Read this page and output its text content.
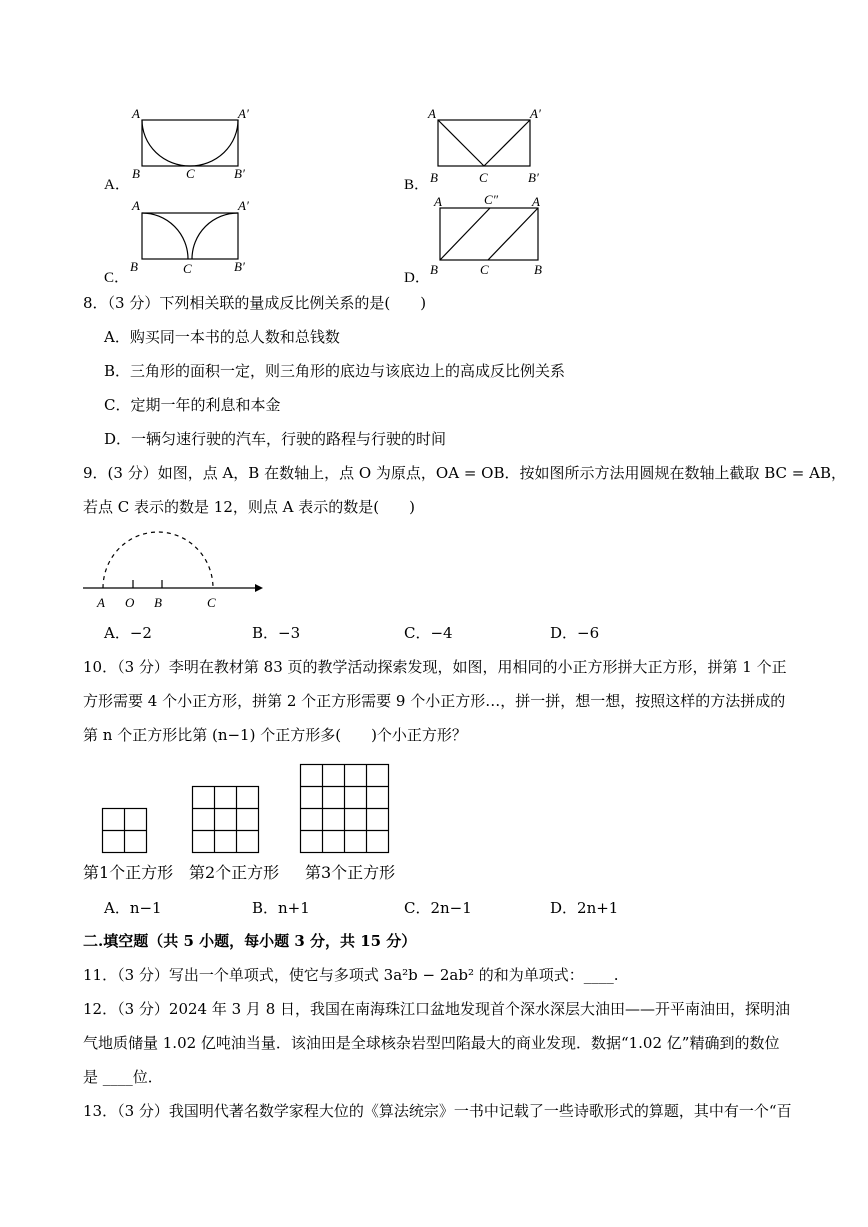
A．
A	A′
B	C	B′
B．
A	A′
B	C	B′
C．
A	A′
B	C	B′
D．
A	C″	A
B	C	B
8．（3 分）下列相关联的量成反比例关系的是(　　)
A．购买同一本书的总人数和总钱数
B．三角形的面积一定，则三角形的底边与该底边上的高成反比例关系
C．定期一年的利息和本金
D．一辆匀速行驶的汽车，行驶的路程与行驶的时间
9．(3 分）如图，点 A，B 在数轴上，点 O 为原点，OA = OB．按如图所示方法用圆规在数轴上截取 BC = AB，
若点 C 表示的数是 12，则点 A 表示的数是(　　)
A O B	C
A．−2	B．−3	C．−4	D．−6
10．（3 分）李明在教材第 83 页的教学活动探索发现，如图，用相同的小正方形拼大正方形，拼第 1 个正
方形需要 4 个小正方形，拼第 2 个正方形需要 9 个小正方形…，拼一拼，想一想，按照这样的方法拼成的
第 n 个正方形比第 (n−1) 个正方形多(　　)个小正方形？
第1个正方形 第2个正方形 第3个正方形
A．n−1	B．n+1	C．2n−1	D．2n+1
二.填空题（共 5 小题，每小题 3 分，共 15 分）
11．（3 分）写出一个单项式，使它与多项式 3a²b − 2ab² 的和为单项式：____.
12．（3 分）2024 年 3 月 8 日，我国在南海珠江口盆地发现首个深水深层大油田——开平南油田，探明油
气地质储量 1.02 亿吨油当量．该油田是全球核杂岩型凹陷最大的商业发现．数据“1.02 亿”精确到的数位
是 ____位．
13．（3 分）我国明代著名数学家程大位的《算法统宗》一书中记载了一些诗歌形式的算题，其中有一个“百
